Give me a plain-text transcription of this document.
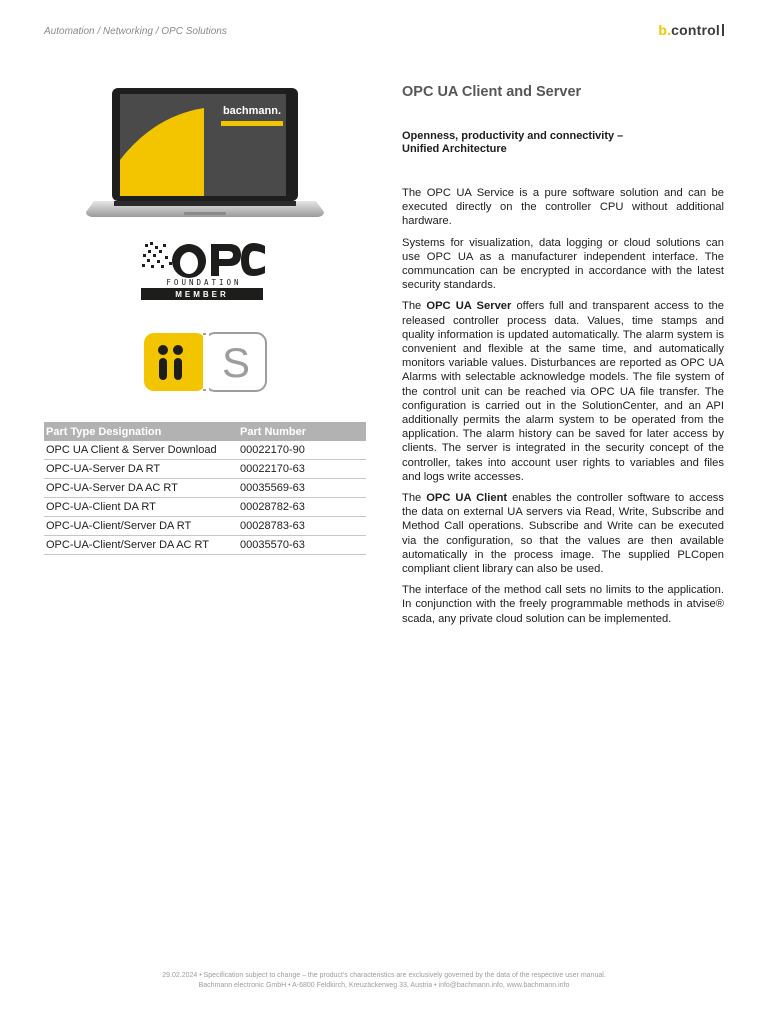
Automation / Networking / OPC Solutions	b.control
bachmann.
FOUNDATION
MEMBER
S
Part Type Designation	Part Number
OPC UA Client & Server Download	00022170-90
OPC-UA-Server DA RT	00022170-63
OPC-UA-Server DA AC RT	00035569-63
OPC-UA-Client DA RT	00028782-63
OPC-UA-Client/Server DA RT	00028783-63
OPC-UA-Client/Server DA AC RT	00035570-63
OPC UA Client and Server
Openness, productivity and connectivity –
Unified Architecture

The OPC UA Service is a pure software solution and can be executed directly on the controller CPU without additional hardware.

Systems for visualization, data logging or cloud solutions can use OPC UA as a manufacturer independent interface. The communcation can be encrypted in accordance with the latest security standards.

The OPC UA Server offers full and transparent access to the released controller process data. Values, time stamps and quality information is updated automatically. The alarm system is convenient and flexible at the same time, and automatically monitors variable values. Disturbances are reported as OPC UA Alarms with selectable acknowledge models. The file system of the control unit can be reached via OPC UA file transfer. The configuration is carried out in the SolutionCenter, and an API additionally permits the alarm system to be operated from the application. The alarm history can be saved for later access by clients. The server is integrated in the security concept of the controller, takes into account user rights to variables and files and logs write accesses.

The OPC UA Client enables the controller software to access the data on external UA servers via Read, Write, Subscribe and Method Call operations. Subscribe and Write can be executed via the configuration, so that the values are then available automatically in the process image. The supplied PLCopen compliant client library can also be used.

The interface of the method call sets no limits to the application. In conjunction with the freely programmable methods in atvise® scada, any private cloud solution can be implemented.

29.02.2024 • Specification subject to change – the product's characteristics are exclusively governed by the data of the respective user manual.
Bachmann electronic GmbH • A-6800 Feldkirch, Kreuzäckerweg 33, Austria • info@bachmann.info, www.bachmann.info
